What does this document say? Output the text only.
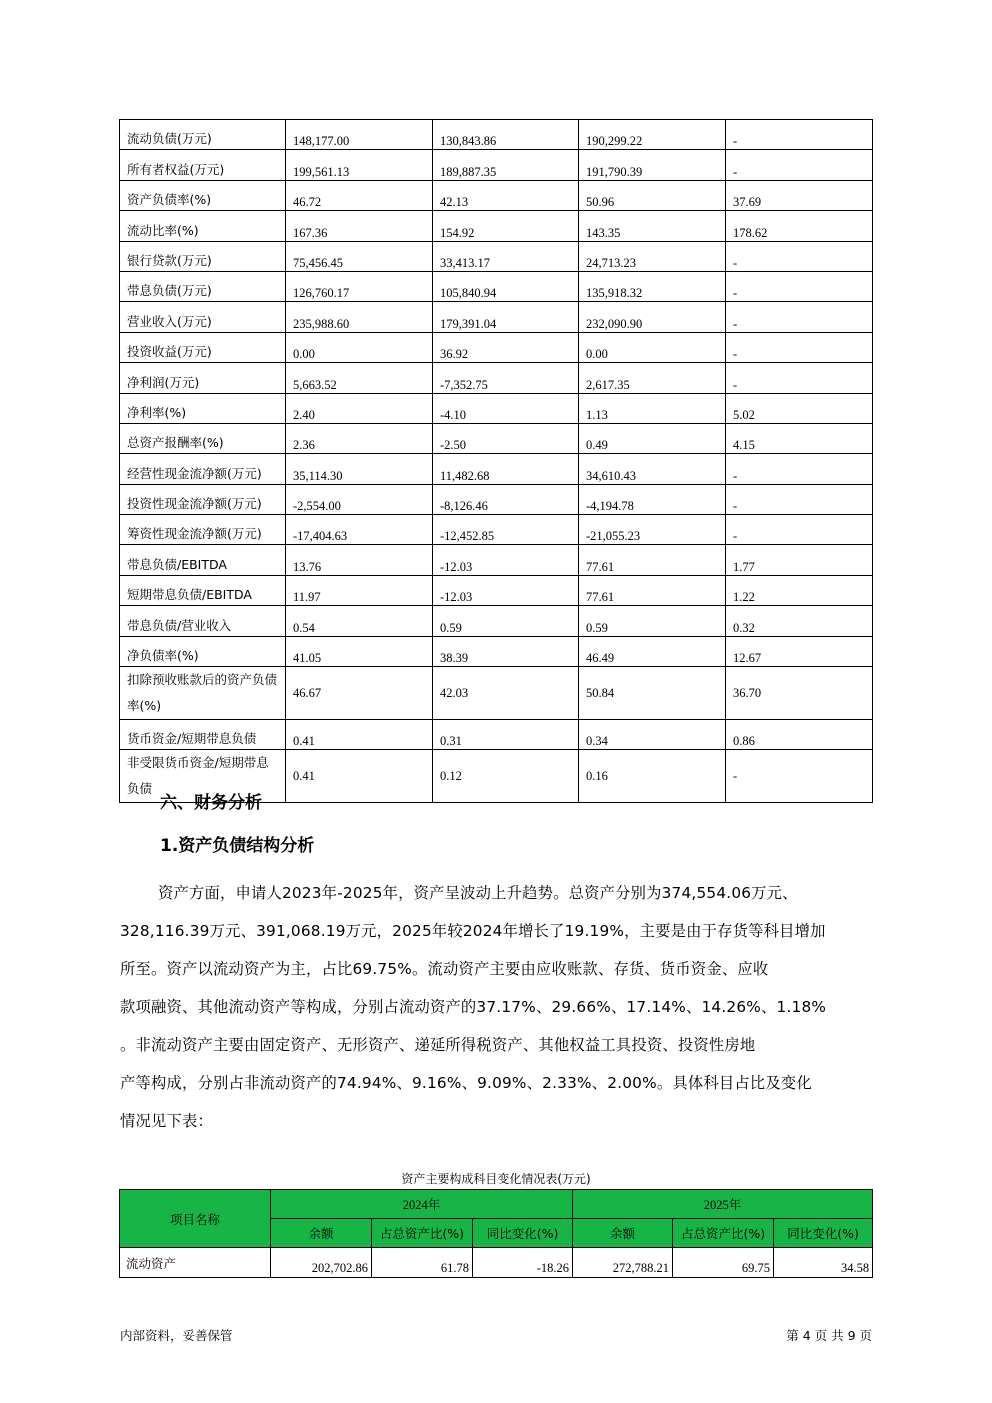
流动负债(万元)	148,177.00	130,843.86	190,299.22	-
所有者权益(万元)	199,561.13	189,887.35	191,790.39	-
资产负债率(%)	46.72	42.13	50.96	37.69
流动比率(%)	167.36	154.92	143.35	178.62
银行贷款(万元)	75,456.45	33,413.17	24,713.23	-
带息负债(万元)	126,760.17	105,840.94	135,918.32	-
营业收入(万元)	235,988.60	179,391.04	232,090.90	-
投资收益(万元)	0.00	36.92	0.00	-
净利润(万元)	5,663.52	-7,352.75	2,617.35	-
净利率(%)	2.40	-4.10	1.13	5.02
总资产报酬率(%)	2.36	-2.50	0.49	4.15
经营性现金流净额(万元)	35,114.30	11,482.68	34,610.43	-
投资性现金流净额(万元)	-2,554.00	-8,126.46	-4,194.78	-
筹资性现金流净额(万元)	-17,404.63	-12,452.85	-21,055.23	-
带息负债/EBITDA	13.76	-12.03	77.61	1.77
短期带息负债/EBITDA	11.97	-12.03	77.61	1.22
带息负债/营业收入	0.54	0.59	0.59	0.32
净负债率(%)	41.05	38.39	46.49	12.67
扣除预收账款后的资产负债率(%)	46.67	42.03	50.84	36.70
货币资金/短期带息负债	0.41	0.31	0.34	0.86
非受限货币资金/短期带息负债	0.41	0.12	0.16	-
六、财务分析
1.资产负债结构分析

资产方面，申请人2023年-2025年，资产呈波动上升趋势。总资产分别为374,554.06万元、
328,116.39万元、391,068.19万元，2025年较2024年增长了19.19%，主要是由于存货等科目增加
所至。资产以流动资产为主，占比69.75%。流动资产主要由应收账款、存货、货币资金、应收
款项融资、其他流动资产等构成，分别占流动资产的37.17%、29.66%、17.14%、14.26%、1.18%
。非流动资产主要由固定资产、无形资产、递延所得税资产、其他权益工具投资、投资性房地
产等构成，分别占非流动资产的74.94%、9.16%、9.09%、2.33%、2.00%。具体科目占比及变化
情况见下表：

资产主要构成科目变化情况表(万元)
项目名称	2024年			2025年		
	余额	占总资产比(%)	同比变化(%)	余额	占总资产比(%)	同比变化(%)
流动资产	202,702.86	61.78	-18.26	272,788.21	69.75	34.58
内部资料，妥善保管	第 4 页 共 9 页
